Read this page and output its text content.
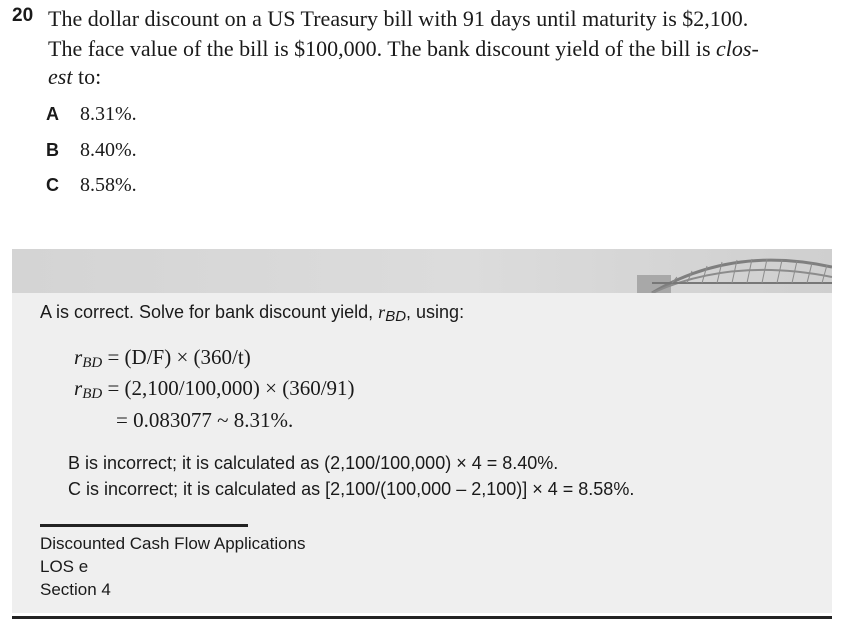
20 The dollar discount on a US Treasury bill with 91 days until maturity is $2,100.
The face value of the bill is $100,000. The bank discount yield of the bill is clos-
est to:
A 8.31%.
B 8.40%.
C 8.58%.
A is correct. Solve for bank discount yield, $r_{BD}$, using:
$r_{BD} = (D/F) \times (360/t)$
$r_{BD} = (2,100/100,000) \times (360/91)$
= 0.083077 ~ 8.31%.
B is incorrect; it is calculated as (2,100/100,000) × 4 = 8.40%.
C is incorrect; it is calculated as [2,100/(100,000 – 2,100)] × 4 = 8.58%.
Discounted Cash Flow Applications
LOS e
Section 4
